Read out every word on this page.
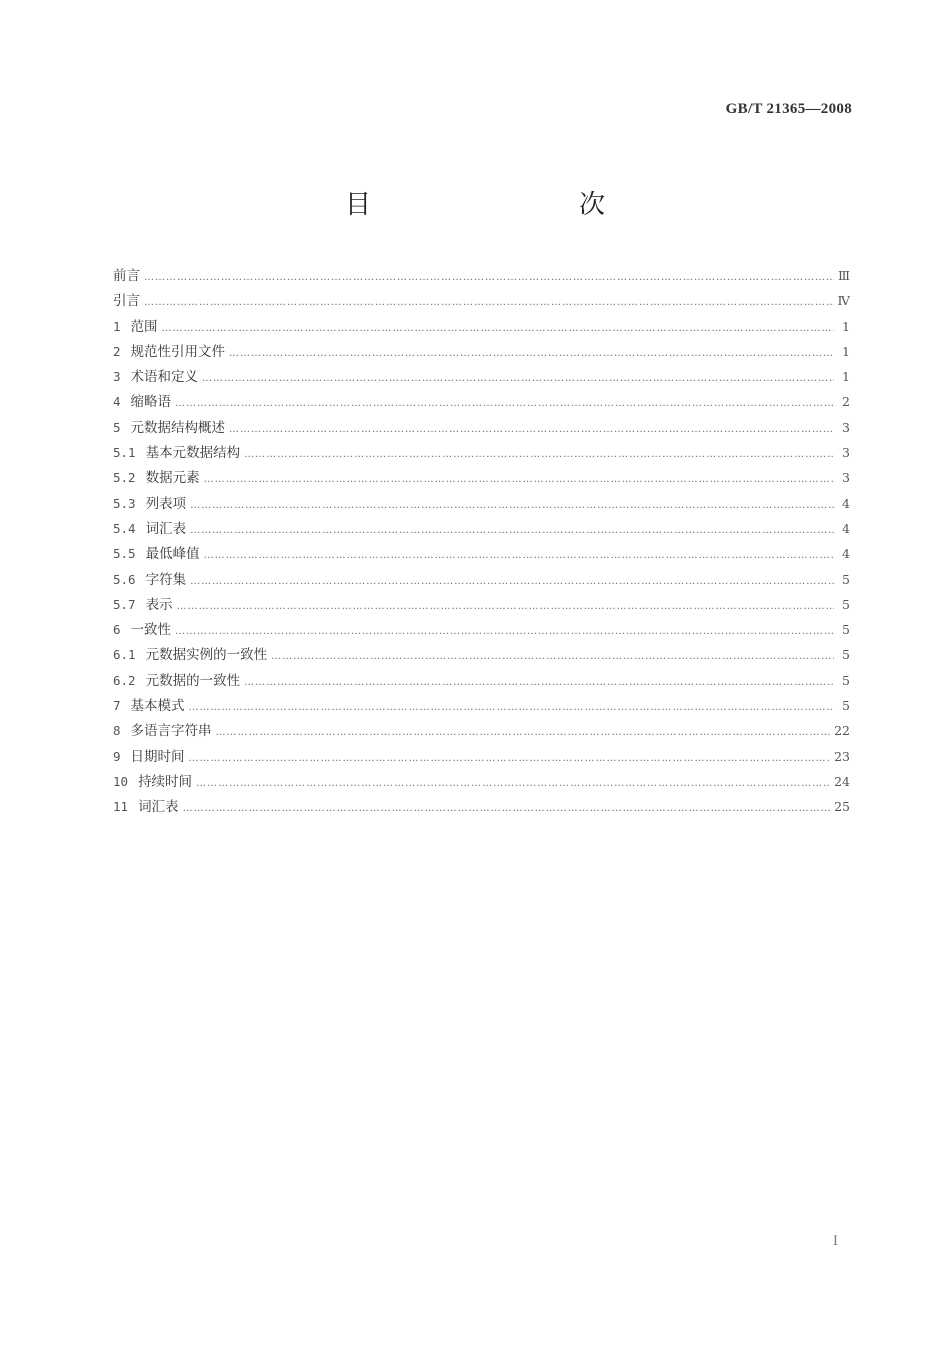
GB/T 21365—2008
目　　次
前言 …………………………………………………………………………………………………………………………………………………………………………………………………	Ⅲ
引言 …………………………………………………………………………………………………………………………………………………………………………………………………	Ⅳ
1 范围 …………………………………………………………………………………………………………………………………………………………………………………………………	1
2 规范性引用文件 …………………………………………………………………………………………………………………………………………………………………………………………………	1
3 术语和定义 …………………………………………………………………………………………………………………………………………………………………………………………………	1
4 缩略语 …………………………………………………………………………………………………………………………………………………………………………………………………	2
5 元数据结构概述 …………………………………………………………………………………………………………………………………………………………………………………………………	3
5.1 基本元数据结构 …………………………………………………………………………………………………………………………………………………………………………………………………	3
5.2 数据元素 …………………………………………………………………………………………………………………………………………………………………………………………………	3
5.3 列表项 …………………………………………………………………………………………………………………………………………………………………………………………………	4
5.4 词汇表 …………………………………………………………………………………………………………………………………………………………………………………………………	4
5.5 最低峰值 …………………………………………………………………………………………………………………………………………………………………………………………………	4
5.6 字符集 …………………………………………………………………………………………………………………………………………………………………………………………………	5
5.7 表示 …………………………………………………………………………………………………………………………………………………………………………………………………	5
6 一致性 …………………………………………………………………………………………………………………………………………………………………………………………………	5
6.1 元数据实例的一致性 …………………………………………………………………………………………………………………………………………………………………………………………………	5
6.2 元数据的一致性 …………………………………………………………………………………………………………………………………………………………………………………………………	5
7 基本模式 …………………………………………………………………………………………………………………………………………………………………………………………………	5
8 多语言字符串 …………………………………………………………………………………………………………………………………………………………………………………………………	22
9 日期时间 …………………………………………………………………………………………………………………………………………………………………………………………………	23
10 持续时间 …………………………………………………………………………………………………………………………………………………………………………………………………	24
11 词汇表 …………………………………………………………………………………………………………………………………………………………………………………………………	25
I
